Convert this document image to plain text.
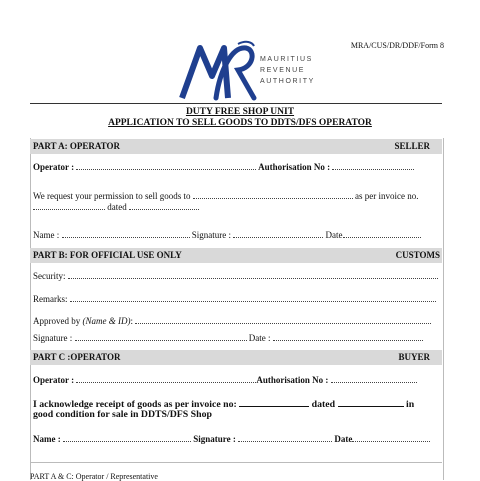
MRA/CUS/DR/DDF/Form 8
MAURITIUS
REVENUE
AUTHORITY
DUTY FREE SHOP UNIT
APPLICATION TO SELL GOODS TO DDTS/DFS OPERATOR
PART A: OPERATOR	SELLER
Operator :	Authorisation No :
We request your permission to sell goods to	as per invoice no.
dated
Name :	Signature :	Date
PART B: FOR OFFICIAL USE ONLY	CUSTOMS
Security:
Remarks:
Approved by (Name & ID):
Signature :	Date :
PART C :OPERATOR	BUYER
Operator :	Authorisation No :
I acknowledge receipt of goods as per invoice no:	dated	in
good condition for sale in DDTS/DFS Shop
Name :	Signature :	Date
PART A & C: Operator / Representative
